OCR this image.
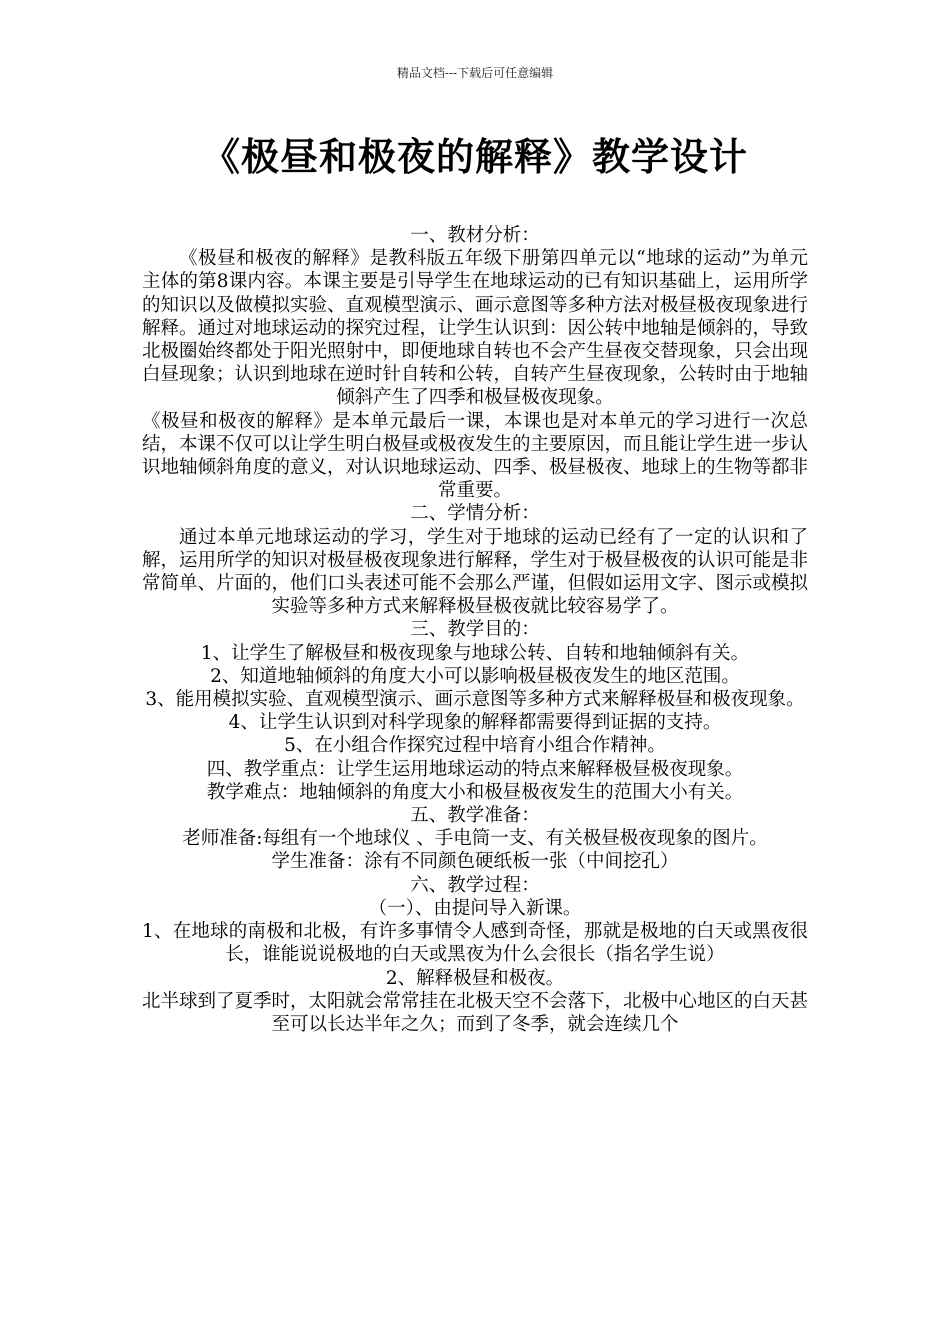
精品文档---下载后可任意编辑
《极昼和极夜的解释》教学设计

一、教材分析：

《极昼和极夜的解释》是教科版五年级下册第四单元以“地球的运动”为单元主体的第8课内容。本课主要是引导学生在地球运动的已有知识基础上，运用所学的知识以及做模拟实验、直观模型演示、画示意图等多种方法对极昼极夜现象进行解释。通过对地球运动的探究过程，让学生认识到：因公转中地轴是倾斜的，导致北极圈始终都处于阳光照射中，即便地球自转也不会产生昼夜交替现象，只会出现白昼现象；认识到地球在逆时针自转和公转，自转产生昼夜现象，公转时由于地轴倾斜产生了四季和极昼极夜现象。

《极昼和极夜的解释》是本单元最后一课，本课也是对本单元的学习进行一次总结，本课不仅可以让学生明白极昼或极夜发生的主要原因，而且能让学生进一步认识地轴倾斜角度的意义，对认识地球运动、四季、极昼极夜、地球上的生物等都非常重要。

二、学情分析：

通过本单元地球运动的学习，学生对于地球的运动已经有了一定的认识和了解，运用所学的知识对极昼极夜现象进行解释，学生对于极昼极夜的认识可能是非常简单、片面的，他们口头表述可能不会那么严谨，但假如运用文字、图示或模拟实验等多种方式来解释极昼极夜就比较容易学了。

三、教学目的：

1、让学生了解极昼和极夜现象与地球公转、自转和地轴倾斜有关。

2、知道地轴倾斜的角度大小可以影响极昼极夜发生的地区范围。

3、能用模拟实验、直观模型演示、画示意图等多种方式来解释极昼和极夜现象。

4、让学生认识到对科学现象的解释都需要得到证据的支持。

5、在小组合作探究过程中培育小组合作精神。

四、教学重点：让学生运用地球运动的特点来解释极昼极夜现象。

教学难点：地轴倾斜的角度大小和极昼极夜发生的范围大小有关。

五、教学准备：

老师准备:每组有一个地球仪 、手电筒一支、有关极昼极夜现象的图片。

学生准备：涂有不同颜色硬纸板一张（中间挖孔）

六、教学过程：

（一）、由提问导入新课。

1、在地球的南极和北极，有许多事情令人感到奇怪，那就是极地的白天或黑夜很长，谁能说说极地的白天或黑夜为什么会很长（指名学生说）

2、解释极昼和极夜。

北半球到了夏季时，太阳就会常常挂在北极天空不会落下，北极中心地区的白天甚至可以长达半年之久；而到了冬季，就会连续几个
